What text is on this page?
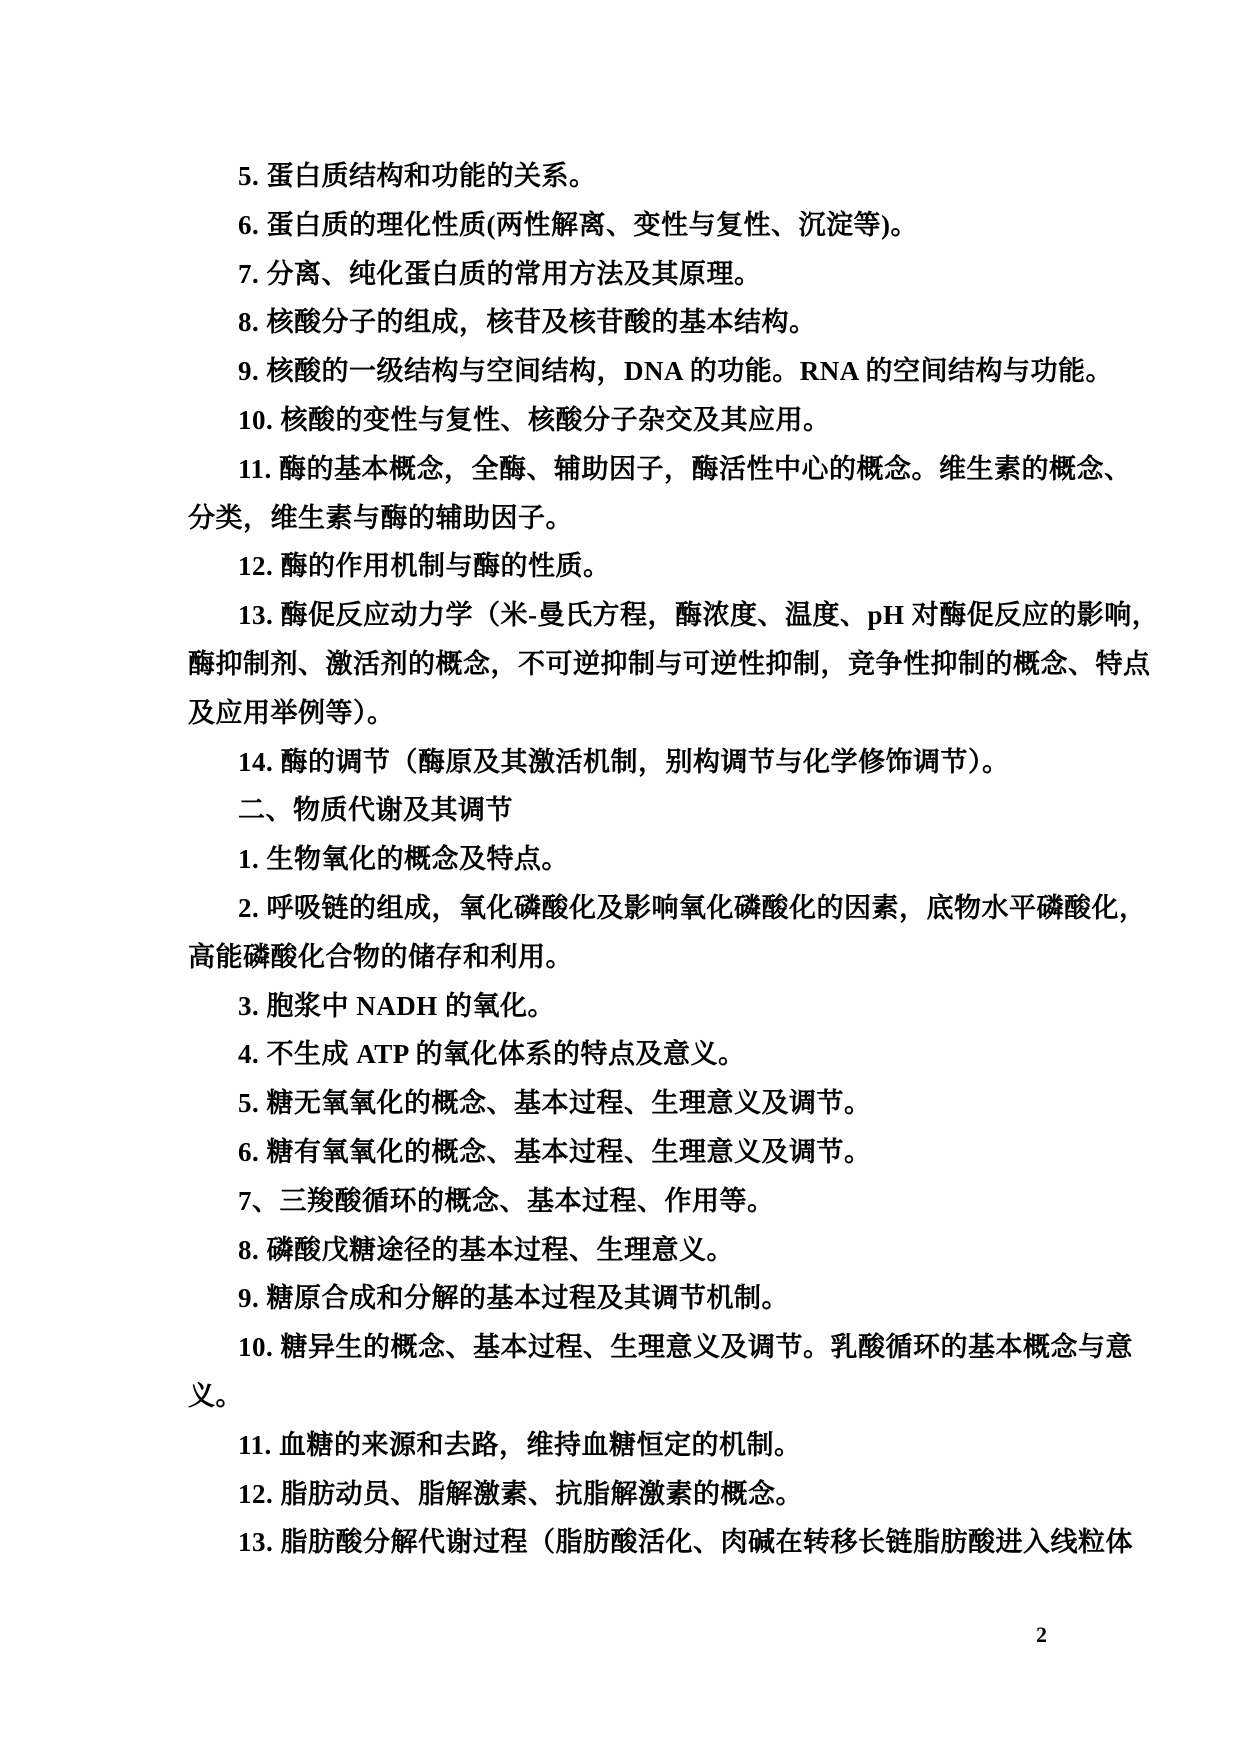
5. 蛋白质结构和功能的关系。
6. 蛋白质的理化性质(两性解离、变性与复性、沉淀等)。
7. 分离、纯化蛋白质的常用方法及其原理。
8. 核酸分子的组成，核苷及核苷酸的基本结构。
9. 核酸的一级结构与空间结构，DNA 的功能。RNA 的空间结构与功能。
10. 核酸的变性与复性、核酸分子杂交及其应用。
11. 酶的基本概念，全酶、辅助因子，酶活性中心的概念。维生素的概念、
分类，维生素与酶的辅助因子。
12. 酶的作用机制与酶的性质。
13. 酶促反应动力学（米-曼氏方程，酶浓度、温度、pH 对酶促反应的影响，
酶抑制剂、激活剂的概念，不可逆抑制与可逆性抑制，竞争性抑制的概念、特点
及应用举例等）。
14. 酶的调节（酶原及其激活机制，别构调节与化学修饰调节）。
二、物质代谢及其调节
1. 生物氧化的概念及特点。
2. 呼吸链的组成，氧化磷酸化及影响氧化磷酸化的因素，底物水平磷酸化，
高能磷酸化合物的储存和利用。
3. 胞浆中 NADH 的氧化。
4. 不生成 ATP 的氧化体系的特点及意义。
5. 糖无氧氧化的概念、基本过程、生理意义及调节。
6. 糖有氧氧化的概念、基本过程、生理意义及调节。
7、三羧酸循环的概念、基本过程、作用等。
8. 磷酸戊糖途径的基本过程、生理意义。
9. 糖原合成和分解的基本过程及其调节机制。
10. 糖异生的概念、基本过程、生理意义及调节。乳酸循环的基本概念与意
义。
11. 血糖的来源和去路，维持血糖恒定的机制。
12. 脂肪动员、脂解激素、抗脂解激素的概念。
13. 脂肪酸分解代谢过程（脂肪酸活化、肉碱在转移长链脂肪酸进入线粒体
2
